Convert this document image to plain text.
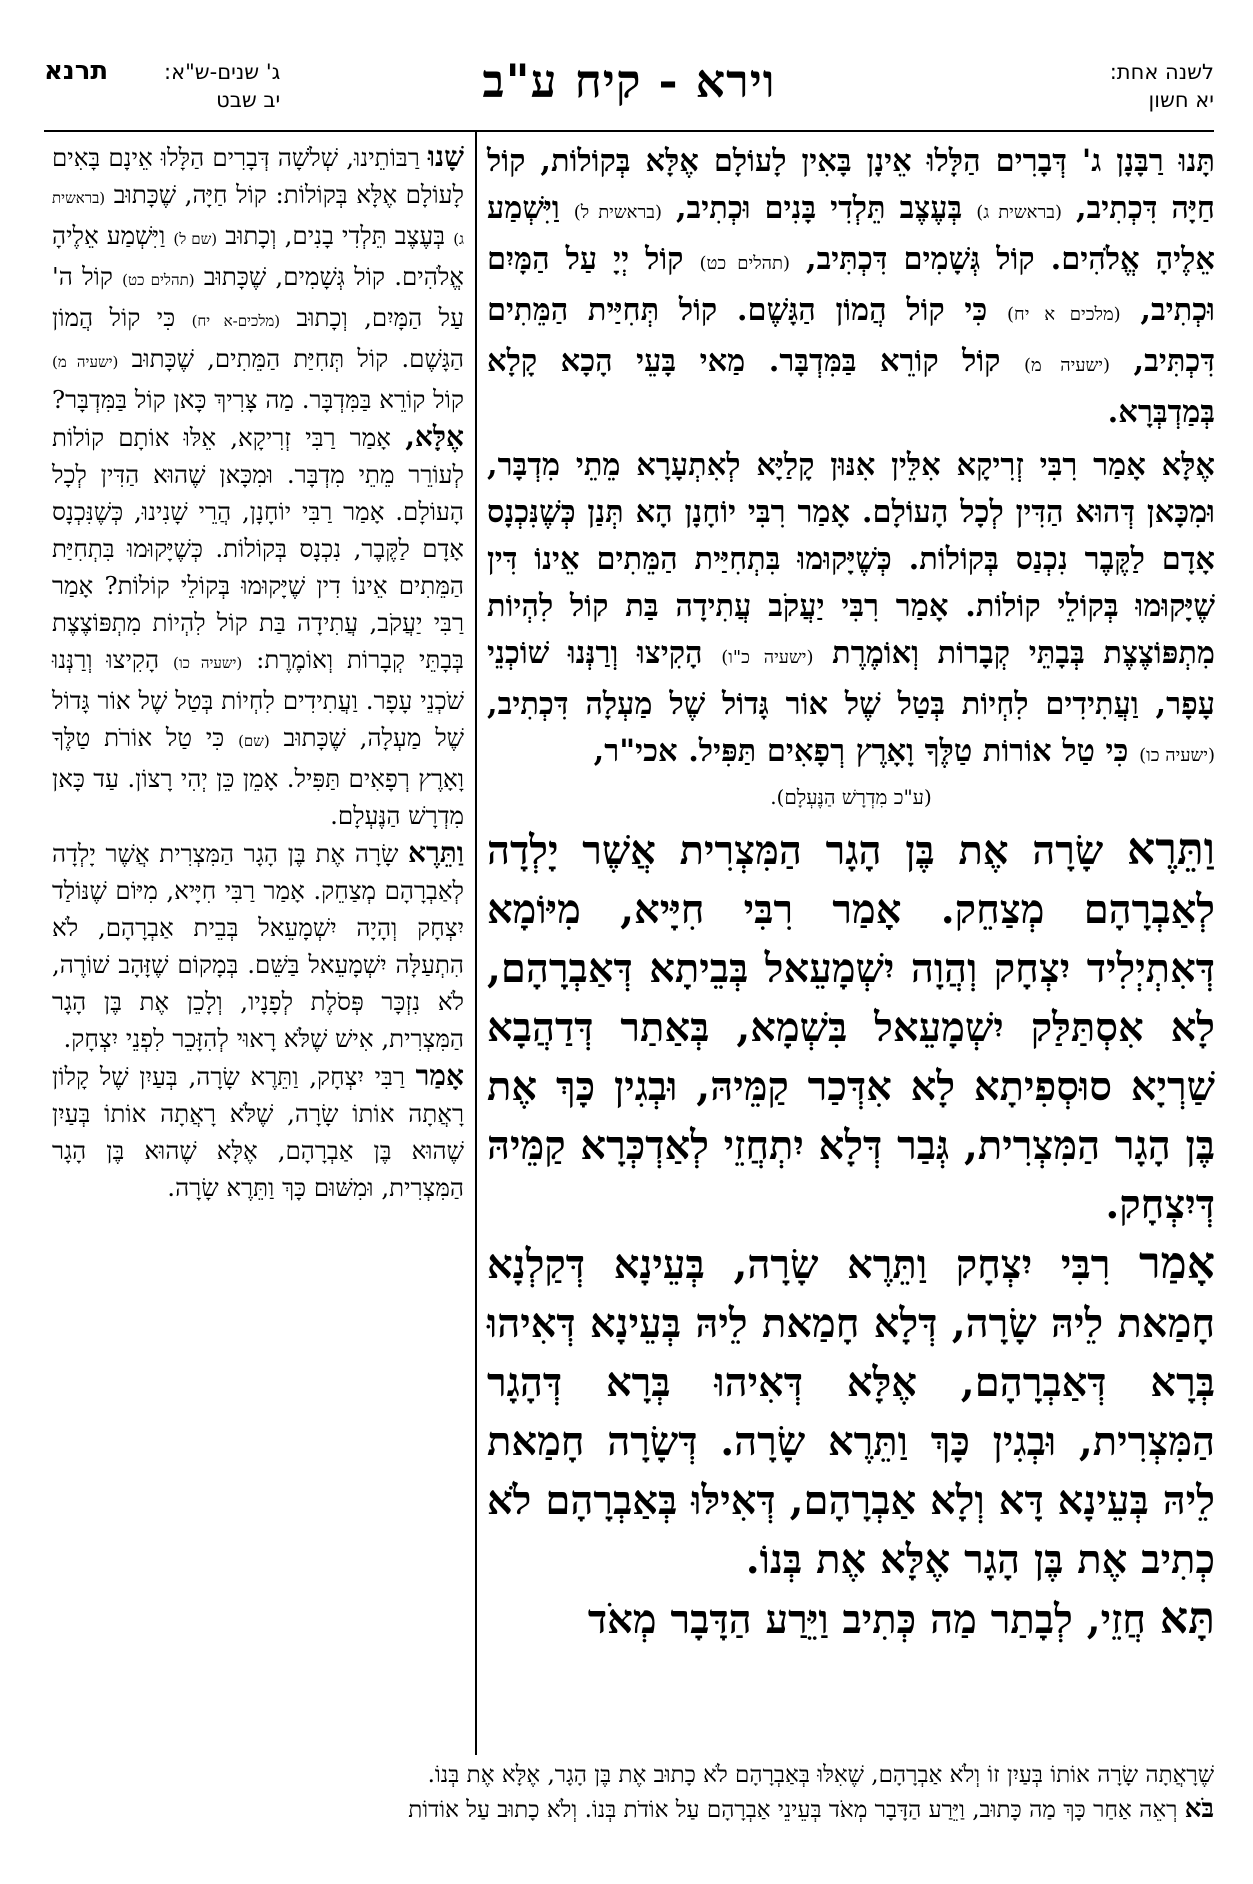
לשנה אחת:
יא חשון
וירא - קיח ע"ב
ג' שנים-ש"א:
יב שבט
תרנא

תָּנוּ רַבָּנָן ג' דְּבָרִים הַלָּלוּ אֵינָן בָּאִין לָעוֹלָם אֶלָּא בְּקוֹלוֹת, קוֹל חַיָּה דִּכְתִיב, (בראשית ג) בְּעֶצֶב תֵּלְדִי בָּנִים וּכְתִיב, (בראשית ל) וַיִּשְׁמַע אֵלֶיהָ אֱלֹהִים. קוֹל גְּשָׁמִים דִּכְתִּיב, (תהלים כט) קוֹל יְיָ עַל הַמָּיִם וּכְתִיב, (מלכים א יח) כִּי קוֹל הֲמוֹן הַגָּשֶׁם. קוֹל תְּחִיַּית הַמֵּתִים דִּכְתִּיב, (ישעיה מ) קוֹל קוֹרֵא בַּמִּדְבָּר. מַאי בָּעֵי הָכָא קָלָא בְּמַדְבְּרָא.

אֶלָּא אָמַר רִבִּי זְרִיקָא אִלֵּין אִנּוּן קָלַיָּא לְאִתְעָרָא מֵתֵי מִדְבָּר, וּמִכָּאן דְּהוּא הַדִּין לְכָל הָעוֹלָם. אָמַר רִבִּי יוֹחָנָן הָא תְּנַן כְּשֶׁנִּכְנָס אָדָם לַקֶּבֶר נִכְנַס בְּקוֹלוֹת. כְּשֶׁיָּקוּמוּ בִּתְחִיַּית הַמֵּתִים אֵינוֹ דִּין שֶׁיָּקוּמוּ בְּקוֹלֵי קוֹלוֹת. אָמַר רִבִּי יַעֲקֹב עֲתִידָה בַּת קוֹל לִהְיוֹת מִתְפּוֹצֶצֶת בְּבָתֵּי קְבָרוֹת וְאוֹמֶרֶת (ישעיה כ"ו) הָקִיצוּ וְרַנְּנוּ שׁוֹכְנֵי עָפָר, וַעֲתִידִים לִחְיוֹת בְּטַל שֶׁל אוֹר גָּדוֹל שֶׁל מַעְלָה דִּכְתִיב, (ישעיה כו) כִּי טַל אוֹרוֹת טַלֶּךָ וָאָרֶץ רְפָאִים תַּפִּיל. אכי"ר,

(ע"כ מִדְרָשׁ הַנֶּעְלָם).

וַתֵּרֶא שָׂרָה אֶת בֶּן הָגָר הַמִּצְרִית אֲשֶׁר יָלְדָה לְאַבְרָהָם מְצַחֵק. אָמַר רִבִּי חִיָּיא, מִיּוֹמָא דְּאִתְיְלִיד יִצְחָק וְהֲוָה יִשְׁמָעֵאל בְּבֵיתָא דְּאַבְרָהָם, לָא אִסְתַּלַּק יִשְׁמָעֵאל בִּשְׁמָא, בְּאַתַר דְּדַהֲבָא שַׁרְיָא סוּסְפִיתָא לָא אִדְּכַר קַמֵּיהּ, וּבְגִין כָּךְ אֶת בֶּן הָגָר הַמִּצְרִית, גְּבַר דְּלָא יִתְחֲזֵי לְאַדְכְּרָא קַמֵּיהּ דְּיִצְחָק.

אָמַר רִבִּי יִצְחָק וַתֵּרֶא שָׂרָה, בְּעֵינָא דְּקַלְנָא חָמַאת לֵיהּ שָׂרָה, דְּלָא חָמַאת לֵיהּ בְּעֵינָא דְּאִיהוּ בְּרָא דְּאַבְרָהָם, אֶלָּא דְּאִיהוּ בְּרָא דְּהָגָר הַמִּצְרִית, וּבְגִין כָּךְ וַתֵּרֶא שָׂרָה. דְּשָׂרָה חָמַאת לֵיהּ בְּעֵינָא דָּא וְלָא אַבְרָהָם, דְּאִילּוּ בְּאַבְרָהָם לֹא כְתִיב אֶת בֶּן הָגָר אֶלָּא אֶת בְּנוֹ.

תָּא חֲזֵי, לְבָתַר מַה כְּתִיב וַיֵּרַע הַדָּבָר מְאֹד

שָׁנוּ רַבּוֹתֵינוּ, שְׁלֹשָׁה דְּבָרִים הַלָּלוּ אֵינָם בָּאִים לָעוֹלָם אֶלָּא בְּקוֹלוֹת: קוֹל חַיָּה, שֶׁכָּתוּב (בראשית ג) בְּעֶצֶב תֵּלְדִי בָנִים, וְכָתוּב (שם ל) וַיִּשְׁמַע אֵלֶיהָ אֱלֹהִים. קוֹל גְּשָׁמִים, שֶׁכָּתוּב (תהלים כט) קוֹל ה' עַל הַמָּיִם, וְכָתוּב (מלכים-א יח) כִּי קוֹל הֲמוֹן הַגָּשֶׁם. קוֹל תְּחִיַּת הַמֵּתִים, שֶׁכָּתוּב (ישעיה מ) קוֹל קוֹרֵא בַּמִּדְבָּר. מַה צָּרִיךְ כָּאן קוֹל בַּמִּדְבָּר?

אֶלָּא, אָמַר רַבִּי זְרִיקָא, אֵלּוּ אוֹתָם קוֹלוֹת לְעוֹרֵר מֵתֵי מִדְבָּר. וּמִכָּאן שֶׁהוּא הַדִּין לְכָל הָעוֹלָם. אָמַר רַבִּי יוֹחָנָן, הֲרֵי שָׁנִינוּ, כְּשֶׁנִּכְנָס אָדָם לַקֶּבֶר, נִכְנָס בְּקוֹלוֹת. כְּשֶׁיָּקוּמוּ בִּתְחִיַּת הַמֵּתִים אֵינוֹ דִין שֶׁיָּקוּמוּ בְּקוֹלֵי קוֹלוֹת? אָמַר רַבִּי יַעֲקֹב, עֲתִידָה בַּת קוֹל לִהְיוֹת מִתְפּוֹצֶצֶת בְּבָתֵּי קְבָרוֹת וְאוֹמֶרֶת: (ישעיה כו) הָקִיצוּ וְרַנְּנוּ שֹׁכְנֵי עָפָר. וַעֲתִידִים לִחְיוֹת בְּטַל שֶׁל אוֹר גָּדוֹל שֶׁל מַעְלָה, שֶׁכָּתוּב (שם) כִּי טַל אוֹרֹת טַלֶּךָ וָאָרֶץ רְפָאִים תַּפִּיל. אָמֵן כֵּן יְהִי רָצוֹן. עַד כָּאן מִדְרָשׁ הַנֶּעְלָם.

וַתֵּרֶא שָׂרָה אֶת בֶּן הָגָר הַמִּצְרִית אֲשֶׁר יָלְדָה לְאַבְרָהָם מְצַחֵק. אָמַר רַבִּי חִיָּיא, מִיּוֹם שֶׁנּוֹלַד יִצְחָק וְהָיָה יִשְׁמָעֵאל בְּבֵית אַבְרָהָם, לֹא הִתְעַלָּה יִשְׁמָעֵאל בַּשֵּׁם. בְּמָקוֹם שֶׁזָּהָב שׁוֹרֶה, לֹא נִזְכָּר פְּסֹלֶת לְפָנָיו, וְלָכֵן אֶת בֶּן הָגָר הַמִּצְרִית, אִישׁ שֶׁלֹּא רָאוּי לְהִזָּכֵר לִפְנֵי יִצְחָק.

אָמַר רַבִּי יִצְחָק, וַתֵּרֶא שָׂרָה, בְּעַיִן שֶׁל קָלוֹן רָאֲתָה אוֹתוֹ שָׂרָה, שֶׁלֹּא רָאֲתָה אוֹתוֹ בְּעַיִן שֶׁהוּא בֶּן אַבְרָהָם, אֶלָּא שֶׁהוּא בֶּן הָגָר הַמִּצְרִית, וּמִשּׁוּם כָּךְ וַתֵּרֶא שָׂרָה.

שֶׁרָאֲתָה שָׂרָה אוֹתוֹ בְּעַיִן זוֹ וְלֹא אַבְרָהָם, שֶׁאִלּוּ בְּאַבְרָהָם לֹא כָתוּב אֶת בֶּן הָגָר, אֶלָּא אֶת בְּנוֹ.
בֹּא רְאֵה אַחַר כָּךְ מַה כָּתוּב, וַיֵּרַע הַדָּבָר מְאֹד בְּעֵינֵי אַבְרָהָם עַל אוֹדֹת בְּנוֹ. וְלֹא כָתוּב עַל אוֹדוֹת
